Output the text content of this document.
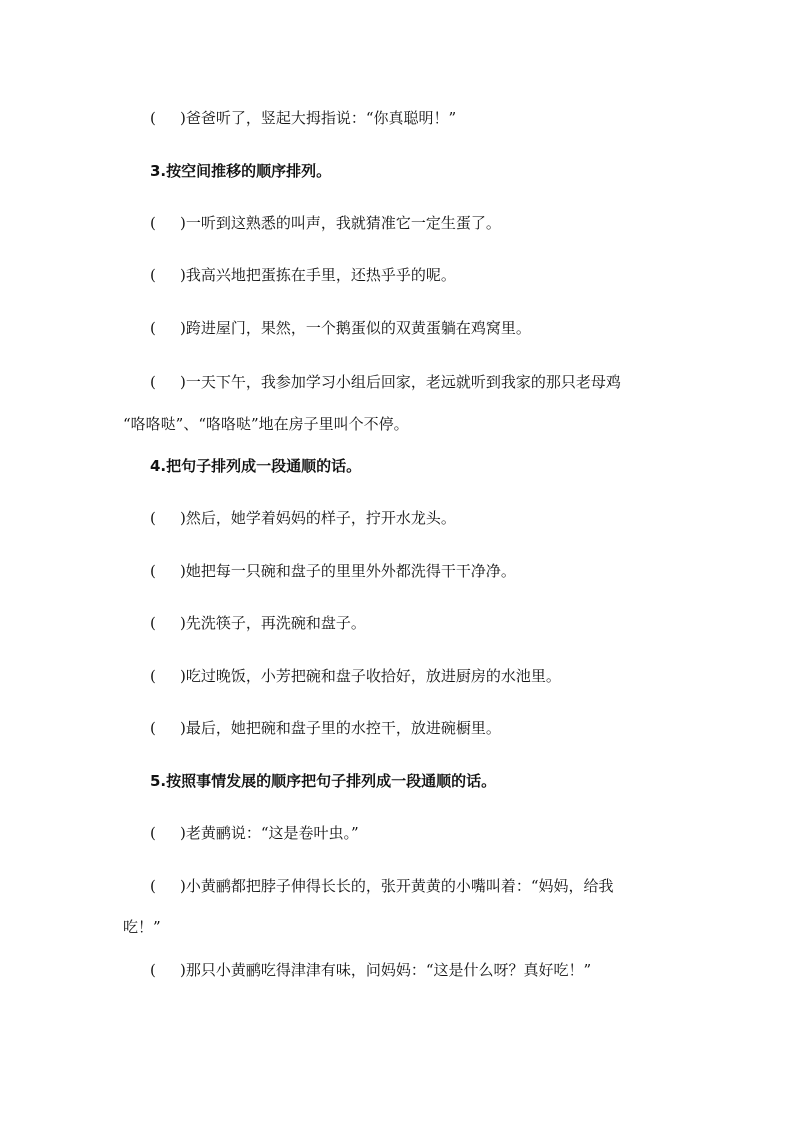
( )爸爸听了，竖起大拇指说：“你真聪明！”
3.按空间推移的顺序排列。
( )一听到这熟悉的叫声，我就猜准它一定生蛋了。
( )我高兴地把蛋拣在手里，还热乎乎的呢。
( )跨进屋门，果然，一个鹅蛋似的双黄蛋躺在鸡窝里。
( )一天下午，我参加学习小组后回家，老远就听到我家的那只老母鸡
“咯咯哒”、“咯咯哒”地在房子里叫个不停。
4.把句子排列成一段通顺的话。
( )然后，她学着妈妈的样子，拧开水龙头。
( )她把每一只碗和盘子的里里外外都洗得干干净净。
( )先洗筷子，再洗碗和盘子。
( )吃过晚饭，小芳把碗和盘子收拾好，放进厨房的水池里。
( )最后，她把碗和盘子里的水控干，放进碗橱里。
5.按照事情发展的顺序把句子排列成一段通顺的话。
( )老黄鹂说：“这是卷叶虫。”
( )小黄鹂都把脖子伸得长长的，张开黄黄的小嘴叫着：“妈妈，给我
吃！”
( )那只小黄鹂吃得津津有味，问妈妈：“这是什么呀？真好吃！”
